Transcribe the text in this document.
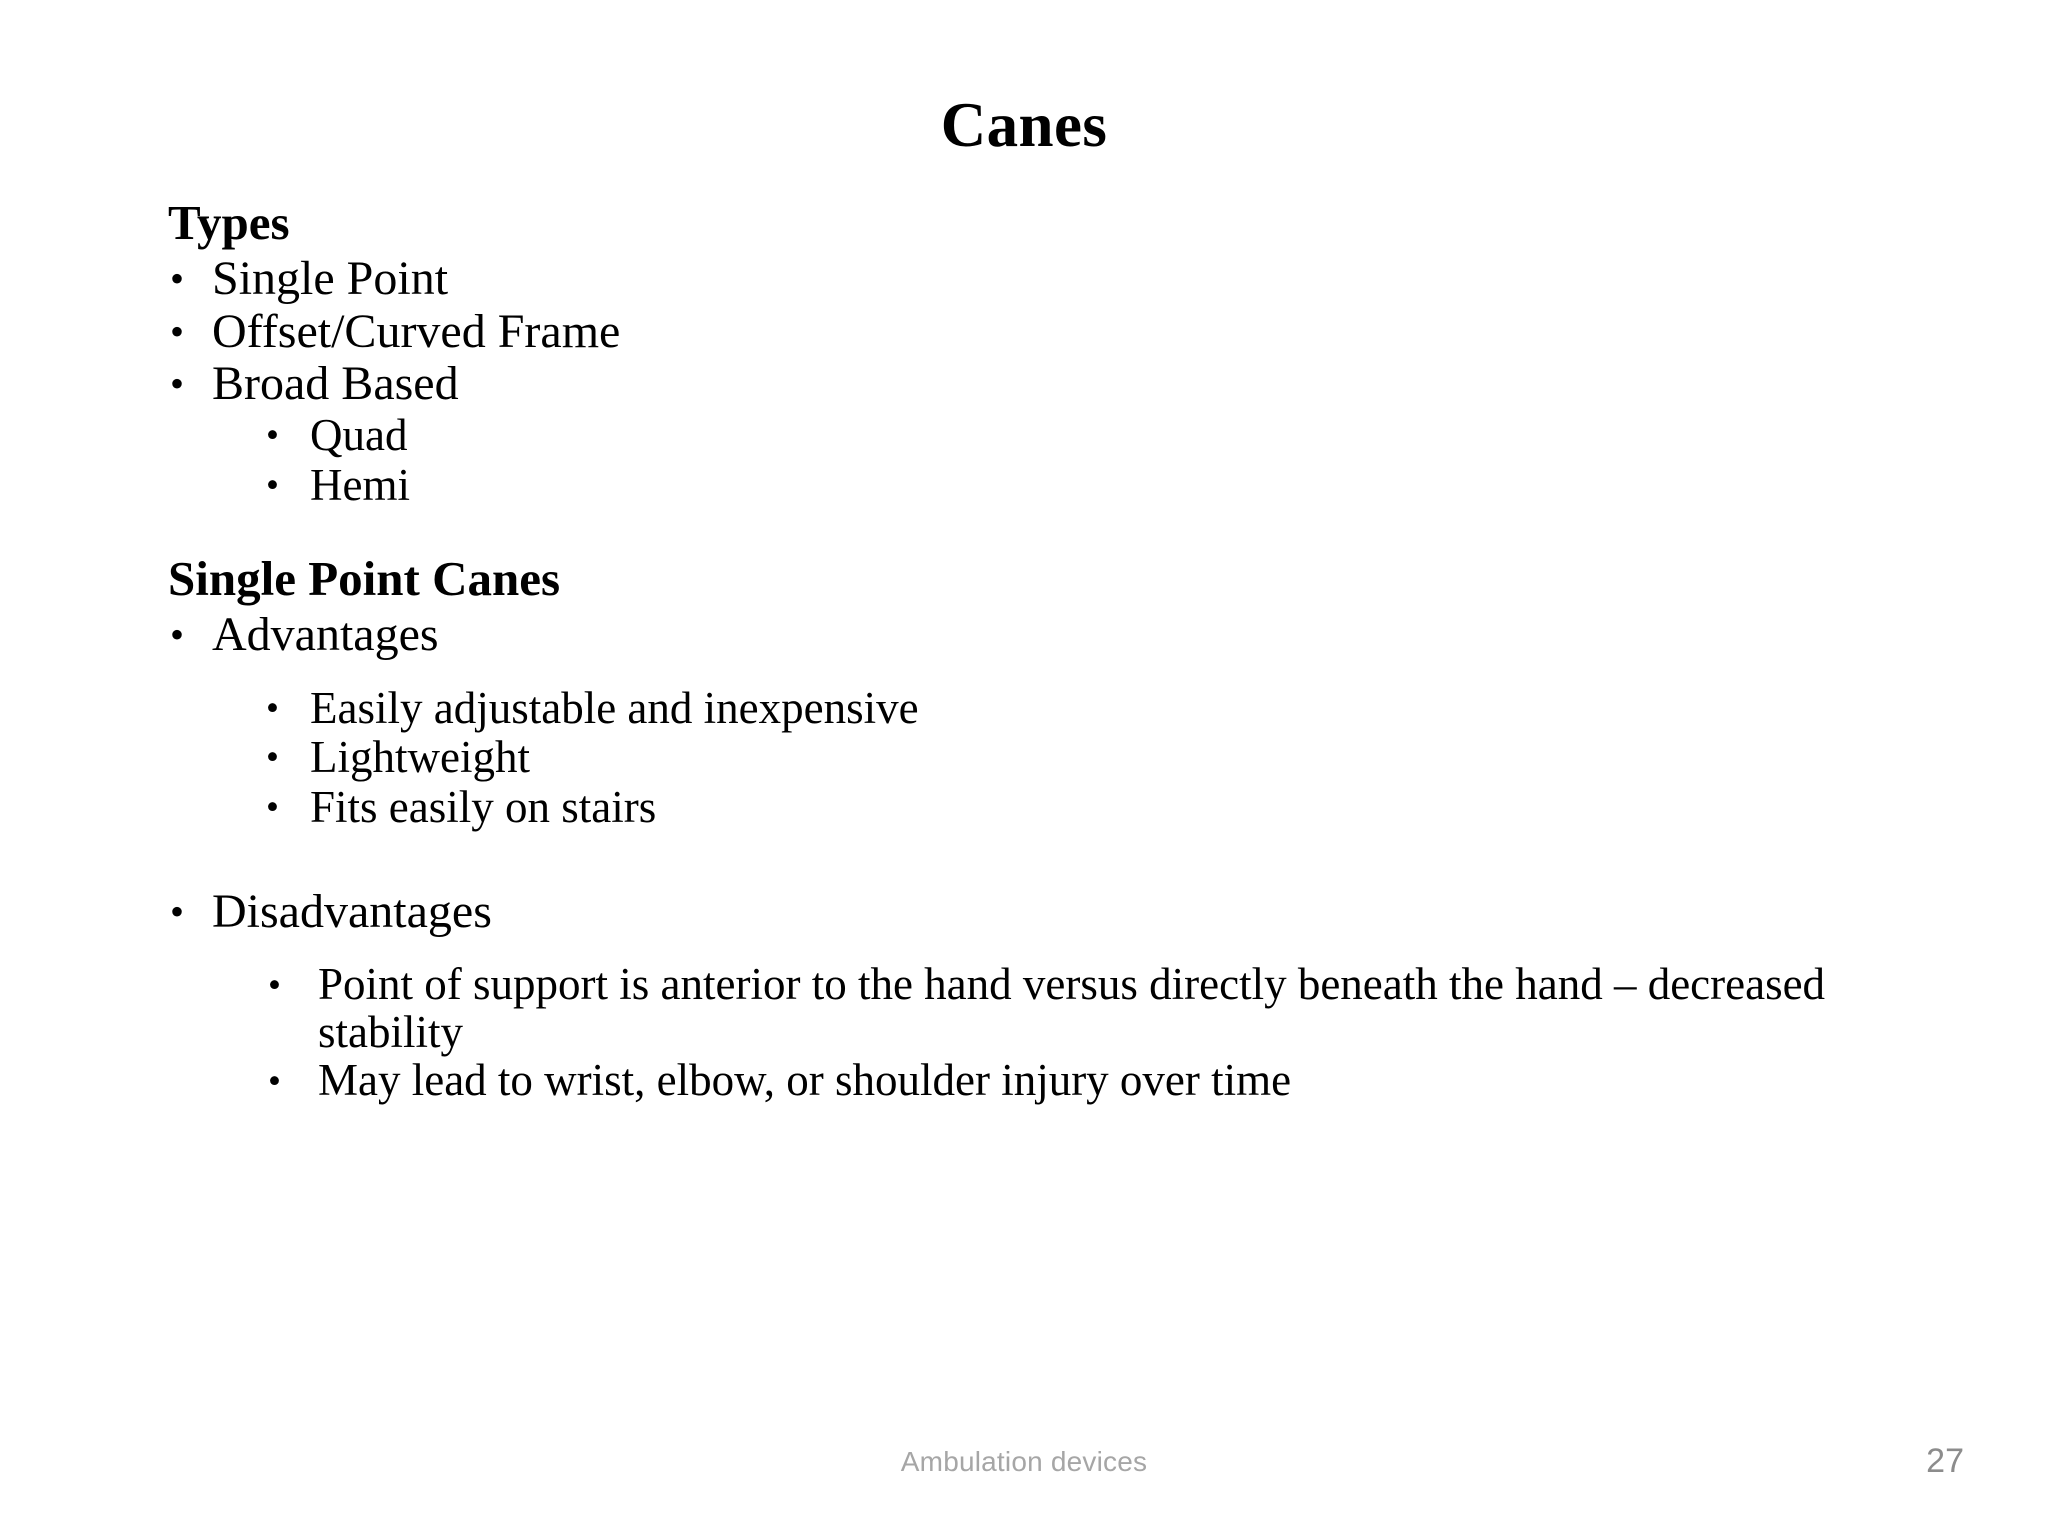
Canes
Types
• Single Point
• Offset/Curved Frame
• Broad Based
• Quad
• Hemi
Single Point Canes
• Advantages
• Easily adjustable and inexpensive
• Lightweight
• Fits easily on stairs
• Disadvantages
• Point of support is anterior to the hand versus directly beneath the hand – decreased stability
• May lead to wrist, elbow, or shoulder injury over time
Ambulation devices	27
